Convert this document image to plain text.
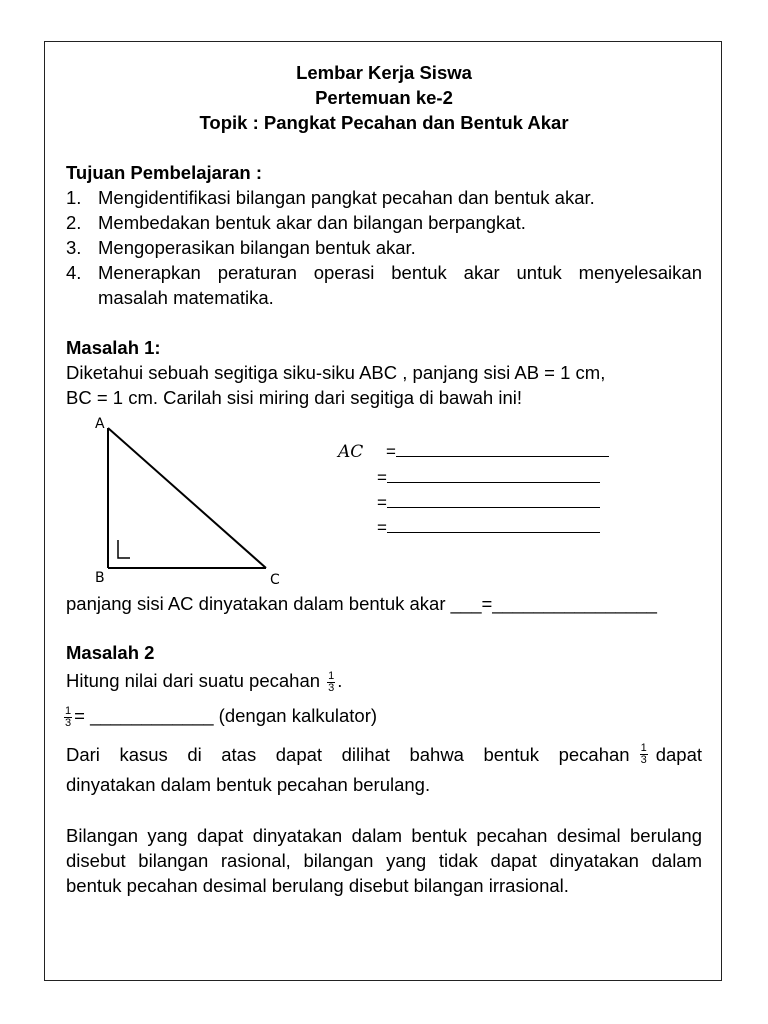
Lembar Kerja Siswa
Pertemuan ke-2
Topik : Pangkat Pecahan dan Bentuk Akar
Tujuan Pembelajaran :
1. Mengidentifikasi bilangan pangkat pecahan dan bentuk akar.
2. Membedakan bentuk akar dan bilangan berpangkat.
3. Mengoperasikan bilangan bentuk akar.
4. Menerapkan peraturan operasi bentuk akar untuk menyelesaikan
masalah matematika.
Masalah 1:
Diketahui sebuah segitiga siku-siku ABC , panjang sisi AB = 1 cm,
BC = 1 cm. Carilah sisi miring dari segitiga di bawah ini!
A
B	C
AC =
=
=
=
panjang sisi AC dinyatakan dalam bentuk akar ___=________________
Masalah 2
Hitung nilai dari suatu pecahan $\frac{1}{3}$ .
$\frac{1}{3}$ = ____________ (dengan kalkulator)
Dari kasus di atas dapat dilihat bahwa bentuk pecahan $\frac{1}{3}$ dapat
dinyatakan dalam bentuk pecahan berulang.
Bilangan yang dapat dinyatakan dalam bentuk pecahan desimal berulang disebut bilangan rasional, bilangan yang tidak dapat dinyatakan dalam bentuk pecahan desimal berulang disebut bilangan irrasional.
